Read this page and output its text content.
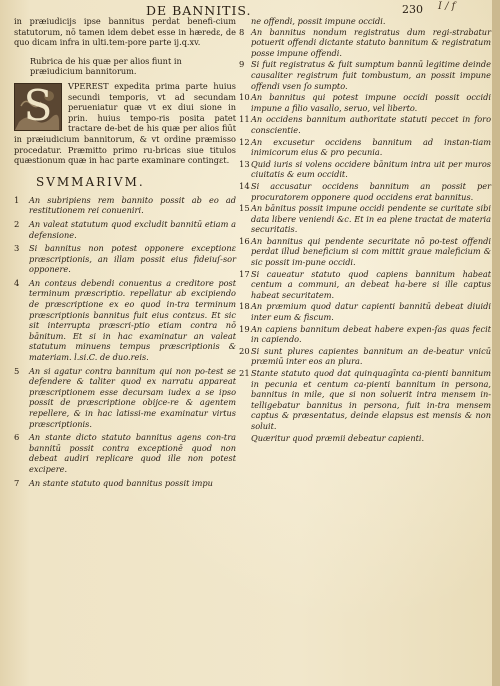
DE BANNITIS.	230 I / f

in præiudicijs ipse bannitus perdat benefi-cium statutorum, nō tamen idem debet esse in hæredε, de quo dicam infra in ulti.tem-pore parte ij.q.xv.

Rubrica de his quæ per alios fiunt in præiudicium bannitorum.

S	VPEREST expedita prima parte huius secundi temporis, vt ad secundam perueniatur quæ vt ex diui sione in prin. huius tempo-ris posita patet tractare de-bet de his quæ per alios fiūt in præiudicium bannitorum, & vt ordine præmisso procedatur. Præmitto primo ru-bricas siue titulos quæstionum quæ in hac parte examinare contingεt.

SVMMARIVM.
1 An subripiens rem bannito possit ab eo ad restitutionem rei conueniri.
2 An valeat statutum quod excludit bannitū etiam a defensione.
3 Si bannitus non potest opponere exceptionε præscriptionis, an illam possit eius fideiuſ-sor opponere.
4 An contεus debendi conuentus a creditore post terminum præscriptio. repellatur ab excipiendo de præscriptione ex eo quod in-tra terminum præscriptionis bannitus fuit eius contεus. Et sic sit interrupta præscri-ptio etiam contra nō bānitum. Et si in hac examinatur an valeat statutum minuens tempus præscriptionis & materiam. l.si.C. de duo.reis.
5 An si agatur contra bannitum qui non po-test se defendere & taliter quod ex narratu appareat præscriptionem esse decursam iudex a se ipso possit de præscriptione obijce-re & agentem repellere, & in hac latissi-me examinatur virtus præscriptionis.
6 An stante dicto statuto bannitus agens con-tra bannitū possit contra exceptionē quod non debeat audiri replicare quod ille non potest excipere.
7 An stante statuto quod bannitus possit impu
ne offendi, possit impune occidi.
8 An bannitus nondum registratus dum regi-strabatur potuerit offendi dictante statuto bannitum & registratum posse impune offendi.
9 Si fuit registratus & fuit sumptum bannū legitime deinde causaliter registrum fuit tombustum, an possit impune offendi vsen ſo sumpto.
10 An bannitus qui potest impune occidi possit occidi impune a filio vasallo, seruo, vel liberto.
11 An occidens bannitum authoritate statuti peccet in foro conscientie.
12 An excusetur occidens bannitum ad instan-tiam inimicorum eius & pro pecunia.
13 Quid iuris si volens occidere bānitum intra uit per muros ciuitatis & eum occidit.
14 Si accusatur occidens bannitum an possit per procuratorem opponere quod occidens erat bannitus.
15 An bānitus possit impune occidi pendente se curitate sibi data libere veniendi &c. Et in ea plene tractat de materia securitatis.
16 An bannitus qui pendente securitate nō po-test offendi perdat illud beneficium si com mittit graue maleficium & sic possit im-pune occidi.
17 Si caueatur statuto quod capiens bannitum habeat centum a communi, an debeat ha-bere si ille captus habeat securitatem.
18 An præmium quod datur capienti bannitū debeat diuidi inter eum & fiscum.
19 An capiens bannitum debeat habere expen-ſas quas fecit in capiendo.
20 Si sunt plures capientes bannitum an de-beatur vnicū præmiū inter eos an plura.
21 Stante statuto quod dat quinquagīnta ca-pienti bannitum in pecunia et centum ca-pienti bannitum in persona, bannitus in mile, que si non soluerit intra mensem in-telligebatur bannitus in persona, fuit in-tra mensem captus & præsentatus, deinde elapsus est mensis & non soluit.
Quæritur quod præmii debeatur capienti.
